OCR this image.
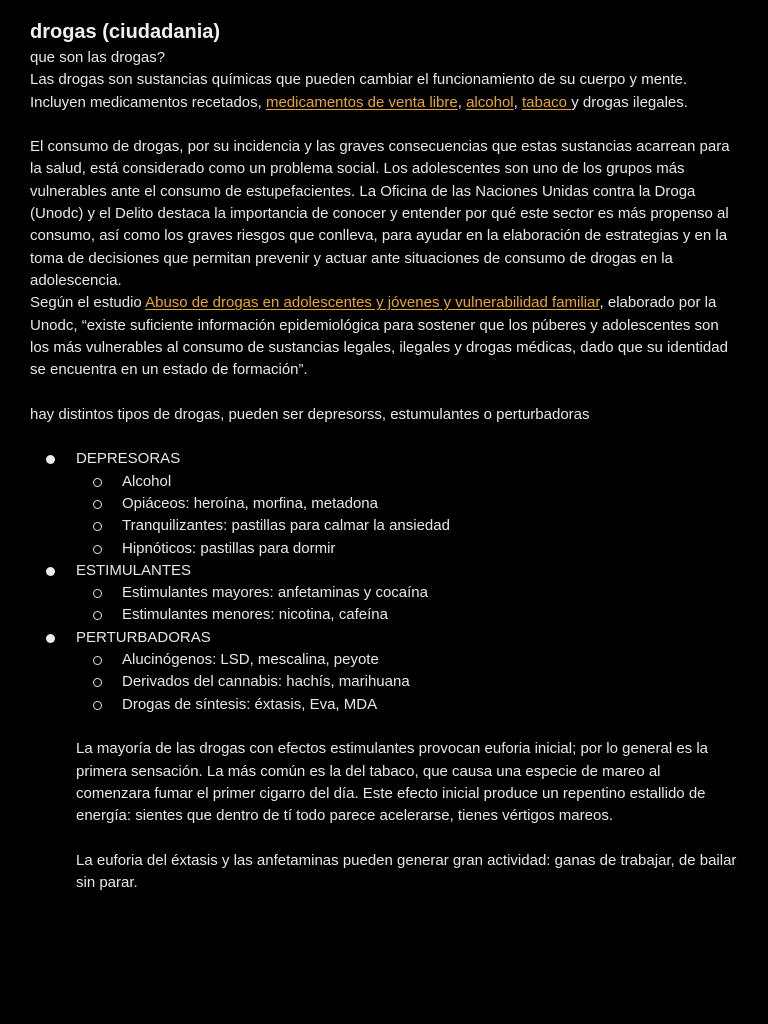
drogas (ciudadania)

que son las drogas?

Las drogas son sustancias químicas que pueden cambiar el funcionamiento de su cuerpo y mente. Incluyen medicamentos recetados, medicamentos de venta libre, alcohol, tabaco y drogas ilegales.

El consumo de drogas, por su incidencia y las graves consecuencias que estas sustancias acarrean para la salud, está considerado como un problema social. Los adolescentes son uno de los grupos más vulnerables ante el consumo de estupefacientes. La Oficina de las Naciones Unidas contra la Droga (Unodc) y el Delito destaca la importancia de conocer y entender por qué este sector es más propenso al consumo, así como los graves riesgos que conlleva, para ayudar en la elaboración de estrategias y en la toma de decisiones que permitan prevenir y actuar ante situaciones de consumo de drogas en la adolescencia.

Según el estudio Abuso de drogas en adolescentes y jóvenes y vulnerabilidad familiar, elaborado por la Unodc, “existe suficiente información epidemiológica para sostener que los púberes y adolescentes son los más vulnerables al consumo de sustancias legales, ilegales y drogas médicas, dado que su identidad se encuentra en un estado de formación”.

hay distintos tipos de drogas, pueden ser depresorss, estumulantes o perturbadoras

DEPRESORAS
Alcohol
Opiáceos: heroína, morfina, metadona
Tranquilizantes: pastillas para calmar la ansiedad
Hipnóticos: pastillas para dormir
ESTIMULANTES
Estimulantes mayores: anfetaminas y cocaína
Estimulantes menores: nicotina, cafeína
PERTURBADORAS
Alucinógenos: LSD, mescalina, peyote
Derivados del cannabis: hachís, marihuana
Drogas de síntesis: éxtasis, Eva, MDA

La mayoría de las drogas con efectos estimulantes provocan euforia inicial; por lo general es la primera sensación. La más común es la del tabaco, que causa una especie de mareo al comenzara fumar el primer cigarro del día. Este efecto inicial produce un repentino estallido de energía: sientes que dentro de tí todo parece acelerarse, tienes vértigos mareos.

La euforia del éxtasis y las anfetaminas pueden generar gran actividad: ganas de trabajar, de bailar sin parar.
